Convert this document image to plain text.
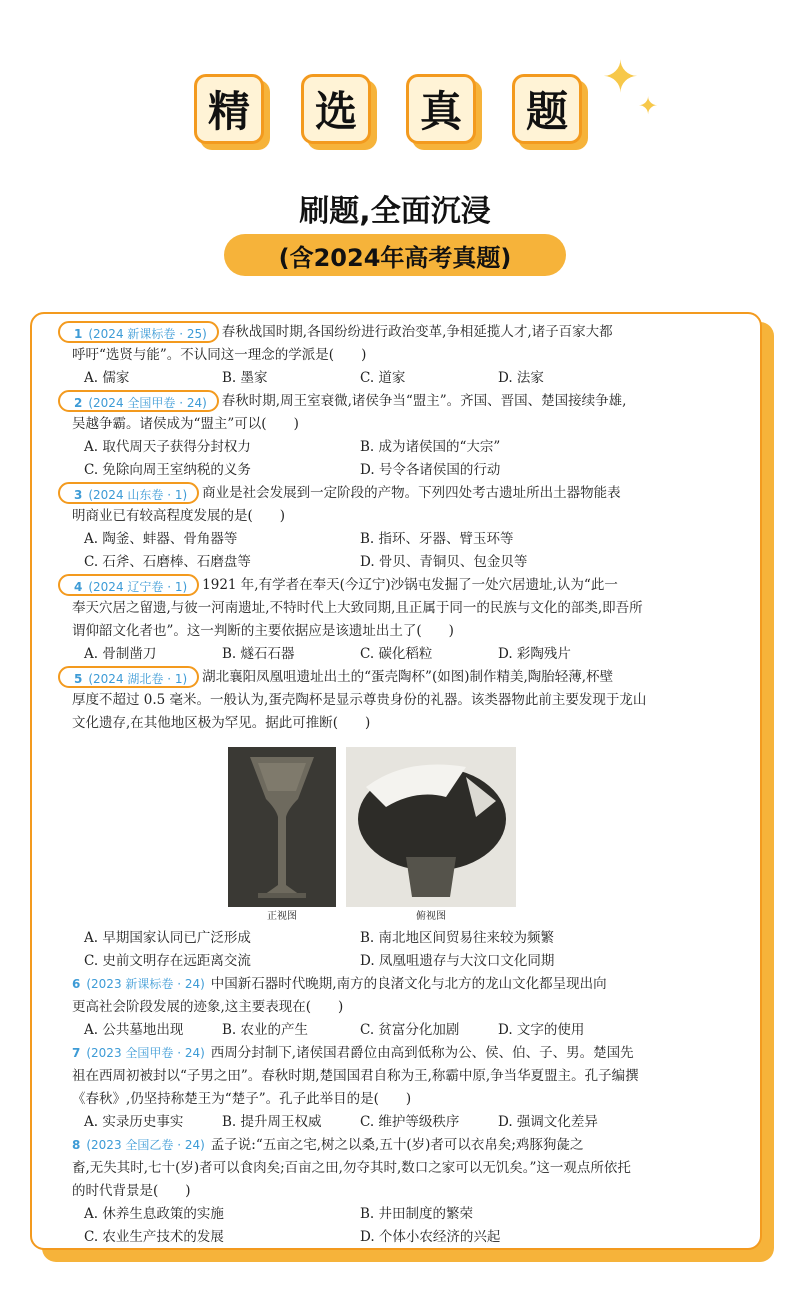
精	选	真	题
✦
✦
刷题,全面沉浸
(含2024年高考真题)

1 (2024 新课标卷 · 25) 春秋战国时期,各国纷纷进行政治变革,争相延揽人才,诸子百家大都

呼吁“选贤与能”。不认同这一理念的学派是(　　)

A. 儒家	B. 墨家	C. 道家	D. 法家

2 (2024 全国甲卷 · 24) 春秋时期,周王室衰微,诸侯争当“盟主”。齐国、晋国、楚国接续争雄,

吴越争霸。诸侯成为“盟主”可以(　　)

A. 取代周天子获得分封权力	B. 成为诸侯国的“大宗”
C. 免除向周王室纳税的义务	D. 号令各诸侯国的行动

3 (2024 山东卷 · 1) 商业是社会发展到一定阶段的产物。下列四处考古遗址所出土器物能表

明商业已有较高程度发展的是(　　)

A. 陶釜、蚌器、骨角器等	B. 指环、牙器、臂玉环等
C. 石斧、石磨棒、石磨盘等	D. 骨贝、青铜贝、包金贝等

4 (2024 辽宁卷 · 1) 1921 年,有学者在奉天(今辽宁)沙锅屯发掘了一处穴居遗址,认为“此一

奉天穴居之留遗,与彼一河南遗址,不特时代上大致同期,且正属于同一的民族与文化的部类,即吾所

谓仰韶文化者也”。这一判断的主要依据应是该遗址出土了(　　)

A. 骨制凿刀	B. 燧石石器	C. 碳化稻粒	D. 彩陶残片

5 (2024 湖北卷 · 1) 湖北襄阳凤凰咀遗址出土的“蛋壳陶杯”(如图)制作精美,陶胎轻薄,杯壁

厚度不超过 0.5 毫米。一般认为,蛋壳陶杯是显示尊贵身份的礼器。该类器物此前主要发现于龙山

文化遗存,在其他地区极为罕见。据此可推断(　　)

正视图	俯视图
A. 早期国家认同已广泛形成	B. 南北地区间贸易往来较为频繁
C. 史前文明存在远距离交流	D. 凤凰咀遗存与大汶口文化同期

6 (2023 新课标卷 · 24) 中国新石器时代晚期,南方的良渚文化与北方的龙山文化都呈现出向

更高社会阶段发展的迹象,这主要表现在(　　)

A. 公共墓地出现	B. 农业的产生	C. 贫富分化加剧	D. 文字的使用

7 (2023 全国甲卷 · 24) 西周分封制下,诸侯国君爵位由高到低称为公、侯、伯、子、男。楚国先

祖在西周初被封以“子男之田”。春秋时期,楚国国君自称为王,称霸中原,争当华夏盟主。孔子编撰

《春秋》,仍坚持称楚王为“楚子”。孔子此举目的是(　　)

A. 实录历史事实	B. 提升周王权威	C. 维护等级秩序	D. 强调文化差异

8 (2023 全国乙卷 · 24) 孟子说:“五亩之宅,树之以桑,五十(岁)者可以衣帛矣;鸡豚狗彘之

畜,无失其时,七十(岁)者可以食肉矣;百亩之田,勿夺其时,数口之家可以无饥矣。”这一观点所依托

的时代背景是(　　)

A. 休养生息政策的实施	B. 井田制度的繁荣
C. 农业生产技术的发展	D. 个体小农经济的兴起
